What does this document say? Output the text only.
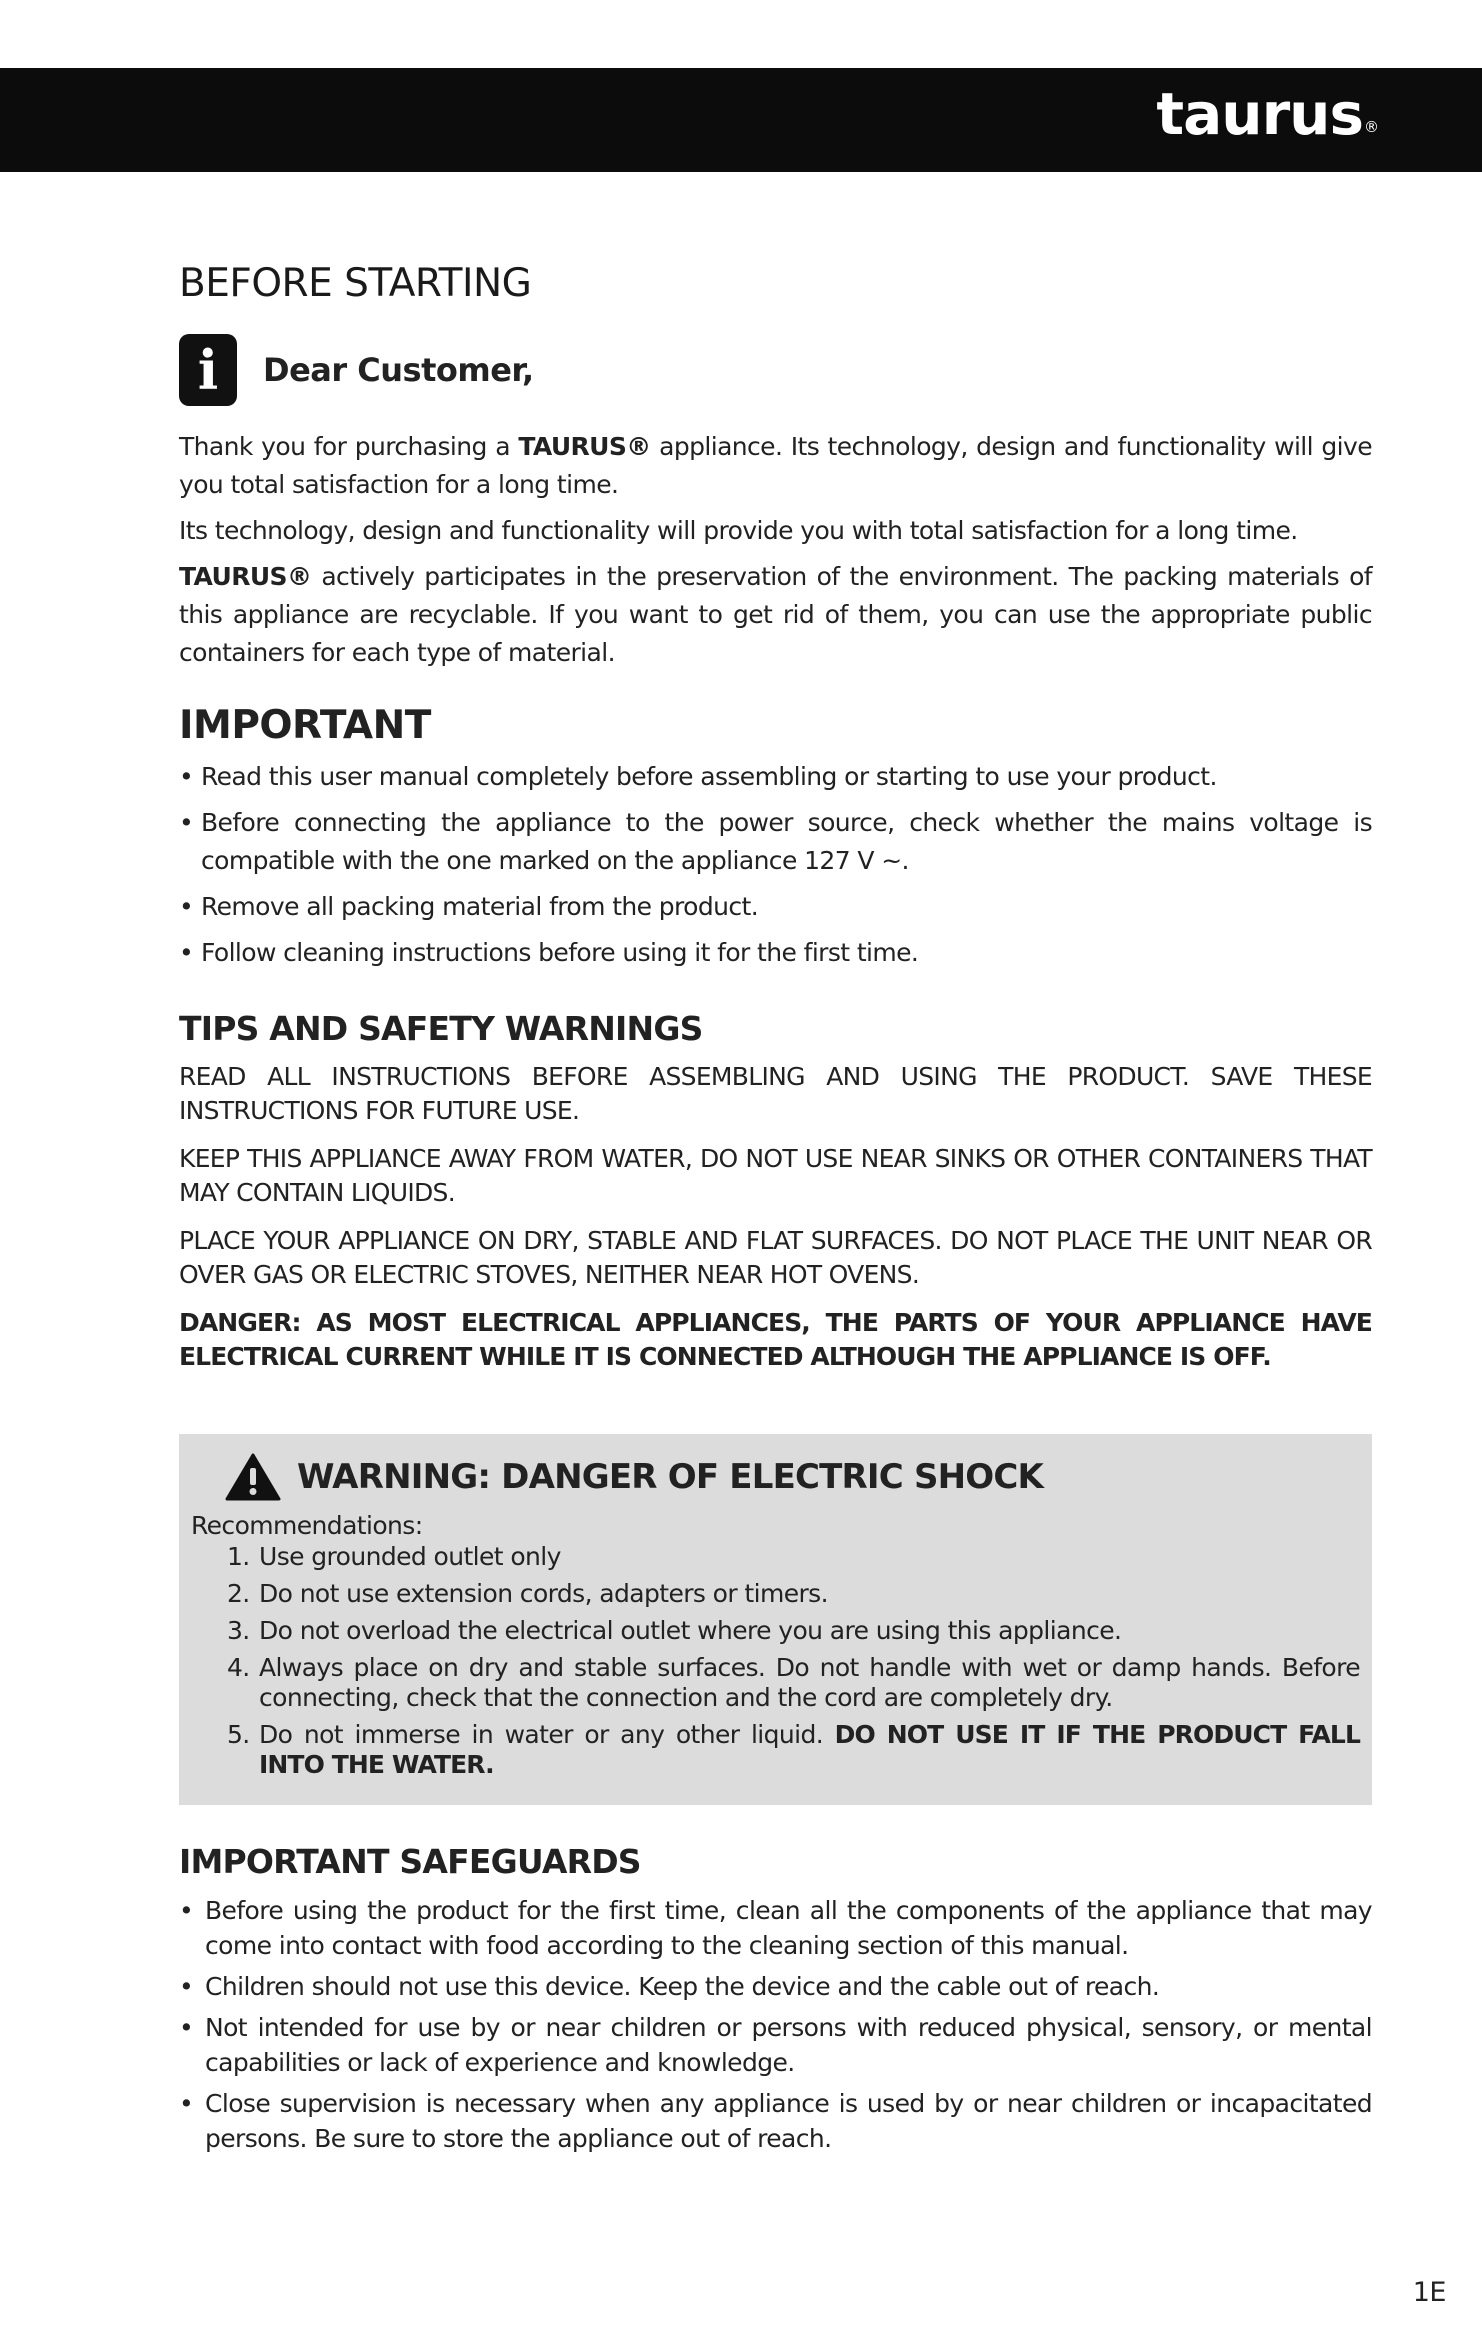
taurus®
BEFORE STARTING
i	Dear Customer,

Thank you for purchasing a TAURUS® appliance. Its technology, design and functionality will give you total satisfaction for a long time.

Its technology, design and functionality will provide you with total satisfaction for a long time.

TAURUS® actively participates in the preservation of the environment. The packing materials of this appliance are recyclable. If you want to get rid of them, you can use the appropriate public containers for each type of material.

IMPORTANT
• Read this user manual completely before assembling or starting to use your product.
• Before connecting the appliance to the power source, check whether the mains voltage is compatible with the one marked on the appliance 127 V ~.
• Remove all packing material from the product.
• Follow cleaning instructions before using it for the first time.
TIPS AND SAFETY WARNINGS

READ ALL INSTRUCTIONS BEFORE ASSEMBLING AND USING THE PRODUCT. SAVE THESE INSTRUCTIONS FOR FUTURE USE.

KEEP THIS APPLIANCE AWAY FROM WATER, DO NOT USE NEAR SINKS OR OTHER CONTAINERS THAT MAY CONTAIN LIQUIDS.

PLACE YOUR APPLIANCE ON DRY, STABLE AND FLAT SURFACES. DO NOT PLACE THE UNIT NEAR OR OVER GAS OR ELECTRIC STOVES, NEITHER NEAR HOT OVENS.

DANGER: AS MOST ELECTRICAL APPLIANCES, THE PARTS OF YOUR APPLIANCE HAVE ELECTRICAL CURRENT WHILE IT IS CONNECTED ALTHOUGH THE APPLIANCE IS OFF.

WARNING: DANGER OF ELECTRIC SHOCK
Recommendations:
1. Use grounded outlet only
2. Do not use extension cords, adapters or timers.
3. Do not overload the electrical outlet where you are using this appliance.
4. Always place on dry and stable surfaces. Do not handle with wet or damp hands. Before connecting, check that the connection and the cord are completely dry.
5. Do not immerse in water or any other liquid. DO NOT USE IT IF THE PRODUCT FALL INTO THE WATER.
IMPORTANT SAFEGUARDS
• Before using the product for the first time, clean all the components of the appliance that may come into contact with food according to the cleaning section of this manual.
• Children should not use this device. Keep the device and the cable out of reach.
• Not intended for use by or near children or persons with reduced physical, sensory, or mental capabilities or lack of experience and knowledge.
• Close supervision is necessary when any appliance is used by or near children or incapacitated persons. Be sure to store the appliance out of reach.
1E
